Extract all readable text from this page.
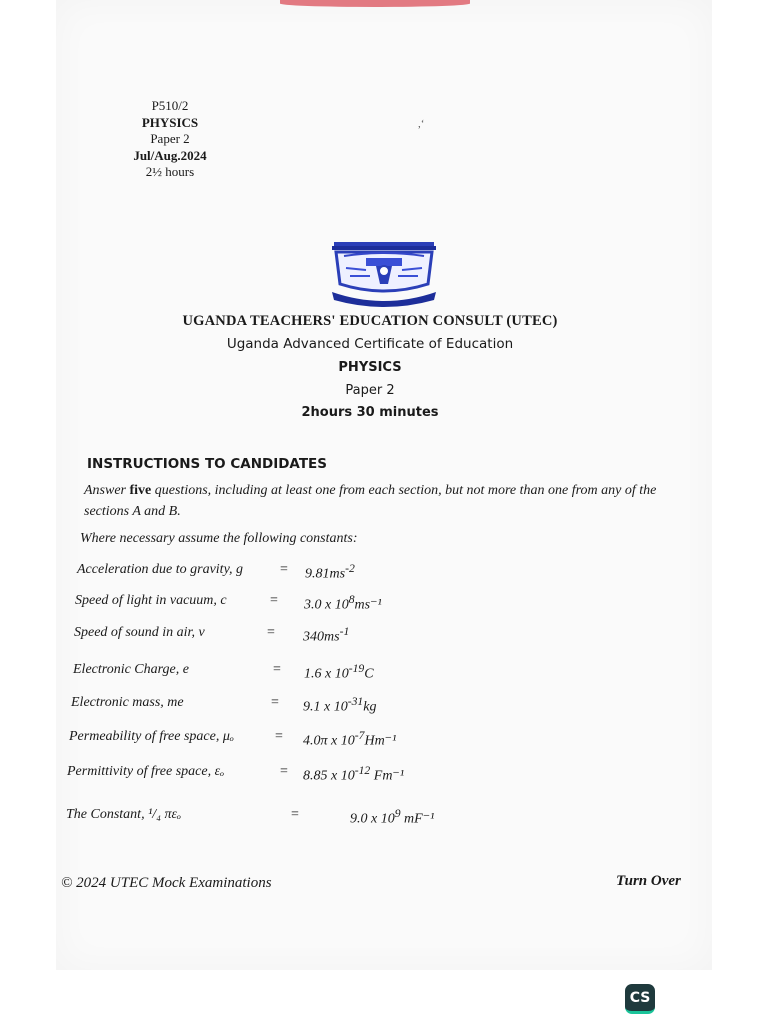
P510/2
PHYSICS
Paper 2
Jul/Aug.2024
2½ hours
,‘
UGANDA TEACHERS' EDUCATION CONSULT (UTEC)
Uganda Advanced Certificate of Education
PHYSICS
Paper 2
2hours 30 minutes
INSTRUCTIONS TO CANDIDATES
Answer five questions, including at least one from each section, but not more than one from any of the sections A and B.
Where necessary assume the following constants:
Acceleration due to gravity, g	= $9.81ms^{-2}$
Speed of light in vacuum, c	= 3.0 x $10^8ms^{-1}$
Speed of sound in air, v	= $340ms^{-1}$
Electronic Charge, e	= 1.6 x $10^{-19}C$
Electronic mass, me	= 9.1 x $10^{-31}kg$
Permeability of free space, μₒ	= 4.0π x $10^{-7}Hm^{-1}$
Permittivity of free space, εₒ	= 8.85 x $10^{-12}$ Fm⁻¹
The Constant, ¹/₄ πεₒ	=	9.0 x $10^9$ mF⁻¹
© 2024 UTEC Mock Examinations	Turn Over
CS
